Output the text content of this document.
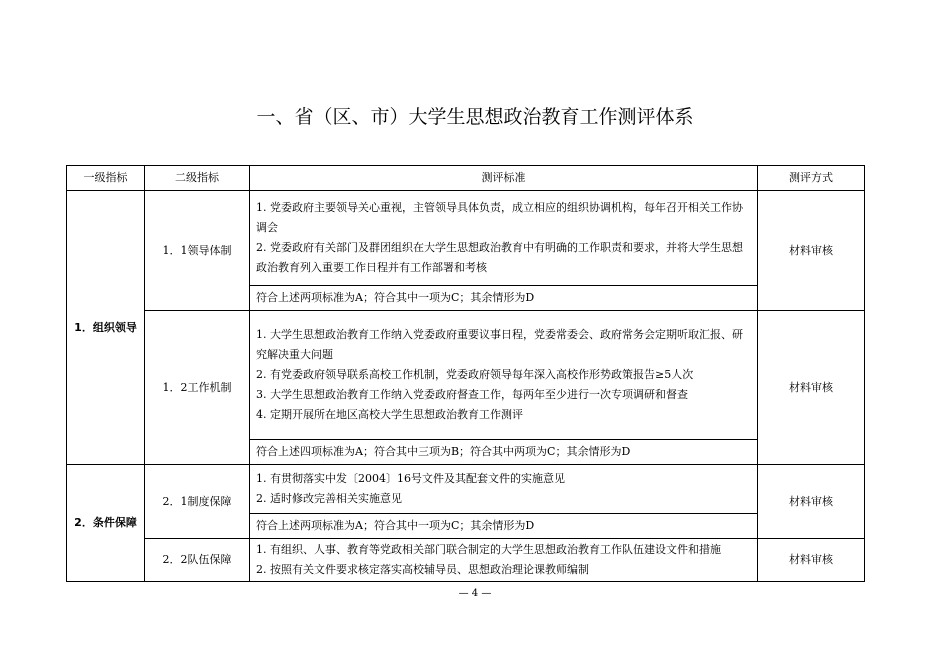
一、省（区、市）大学生思想政治教育工作测评体系
一级指标	二级指标	测评标准	测评方式
1．组织领导	1．1领导体制	1. 党委政府主要领导关心重视，主管领导具体负责，成立相应的组织协调机构，每年召开相关工作协调会
2. 党委政府有关部门及群团组织在大学生思想政治教育中有明确的工作职责和要求，并将大学生思想政治教育列入重要工作日程并有工作部署和考核	材料审核
		符合上述两项标准为A；符合其中一项为C；其余情形为D	
	1．2工作机制	1. 大学生思想政治教育工作纳入党委政府重要议事日程，党委常委会、政府常务会定期听取汇报、研究解决重大问题
2. 有党委政府领导联系高校工作机制，党委政府领导每年深入高校作形势政策报告≥5人次
3. 大学生思想政治教育工作纳入党委政府督查工作，每两年至少进行一次专项调研和督查
4. 定期开展所在地区高校大学生思想政治教育工作测评	材料审核
		符合上述四项标准为A；符合其中三项为B；符合其中两项为C；其余情形为D	
2．条件保障	2．1制度保障	1. 有贯彻落实中发〔2004〕16号文件及其配套文件的实施意见
2. 适时修改完善相关实施意见	材料审核
		符合上述两项标准为A；符合其中一项为C；其余情形为D	
	2．2队伍保障	1. 有组织、人事、教育等党政相关部门联合制定的大学生思想政治教育工作队伍建设文件和措施
2. 按照有关文件要求核定落实高校辅导员、思想政治理论课教师编制	材料审核
— 4 —
